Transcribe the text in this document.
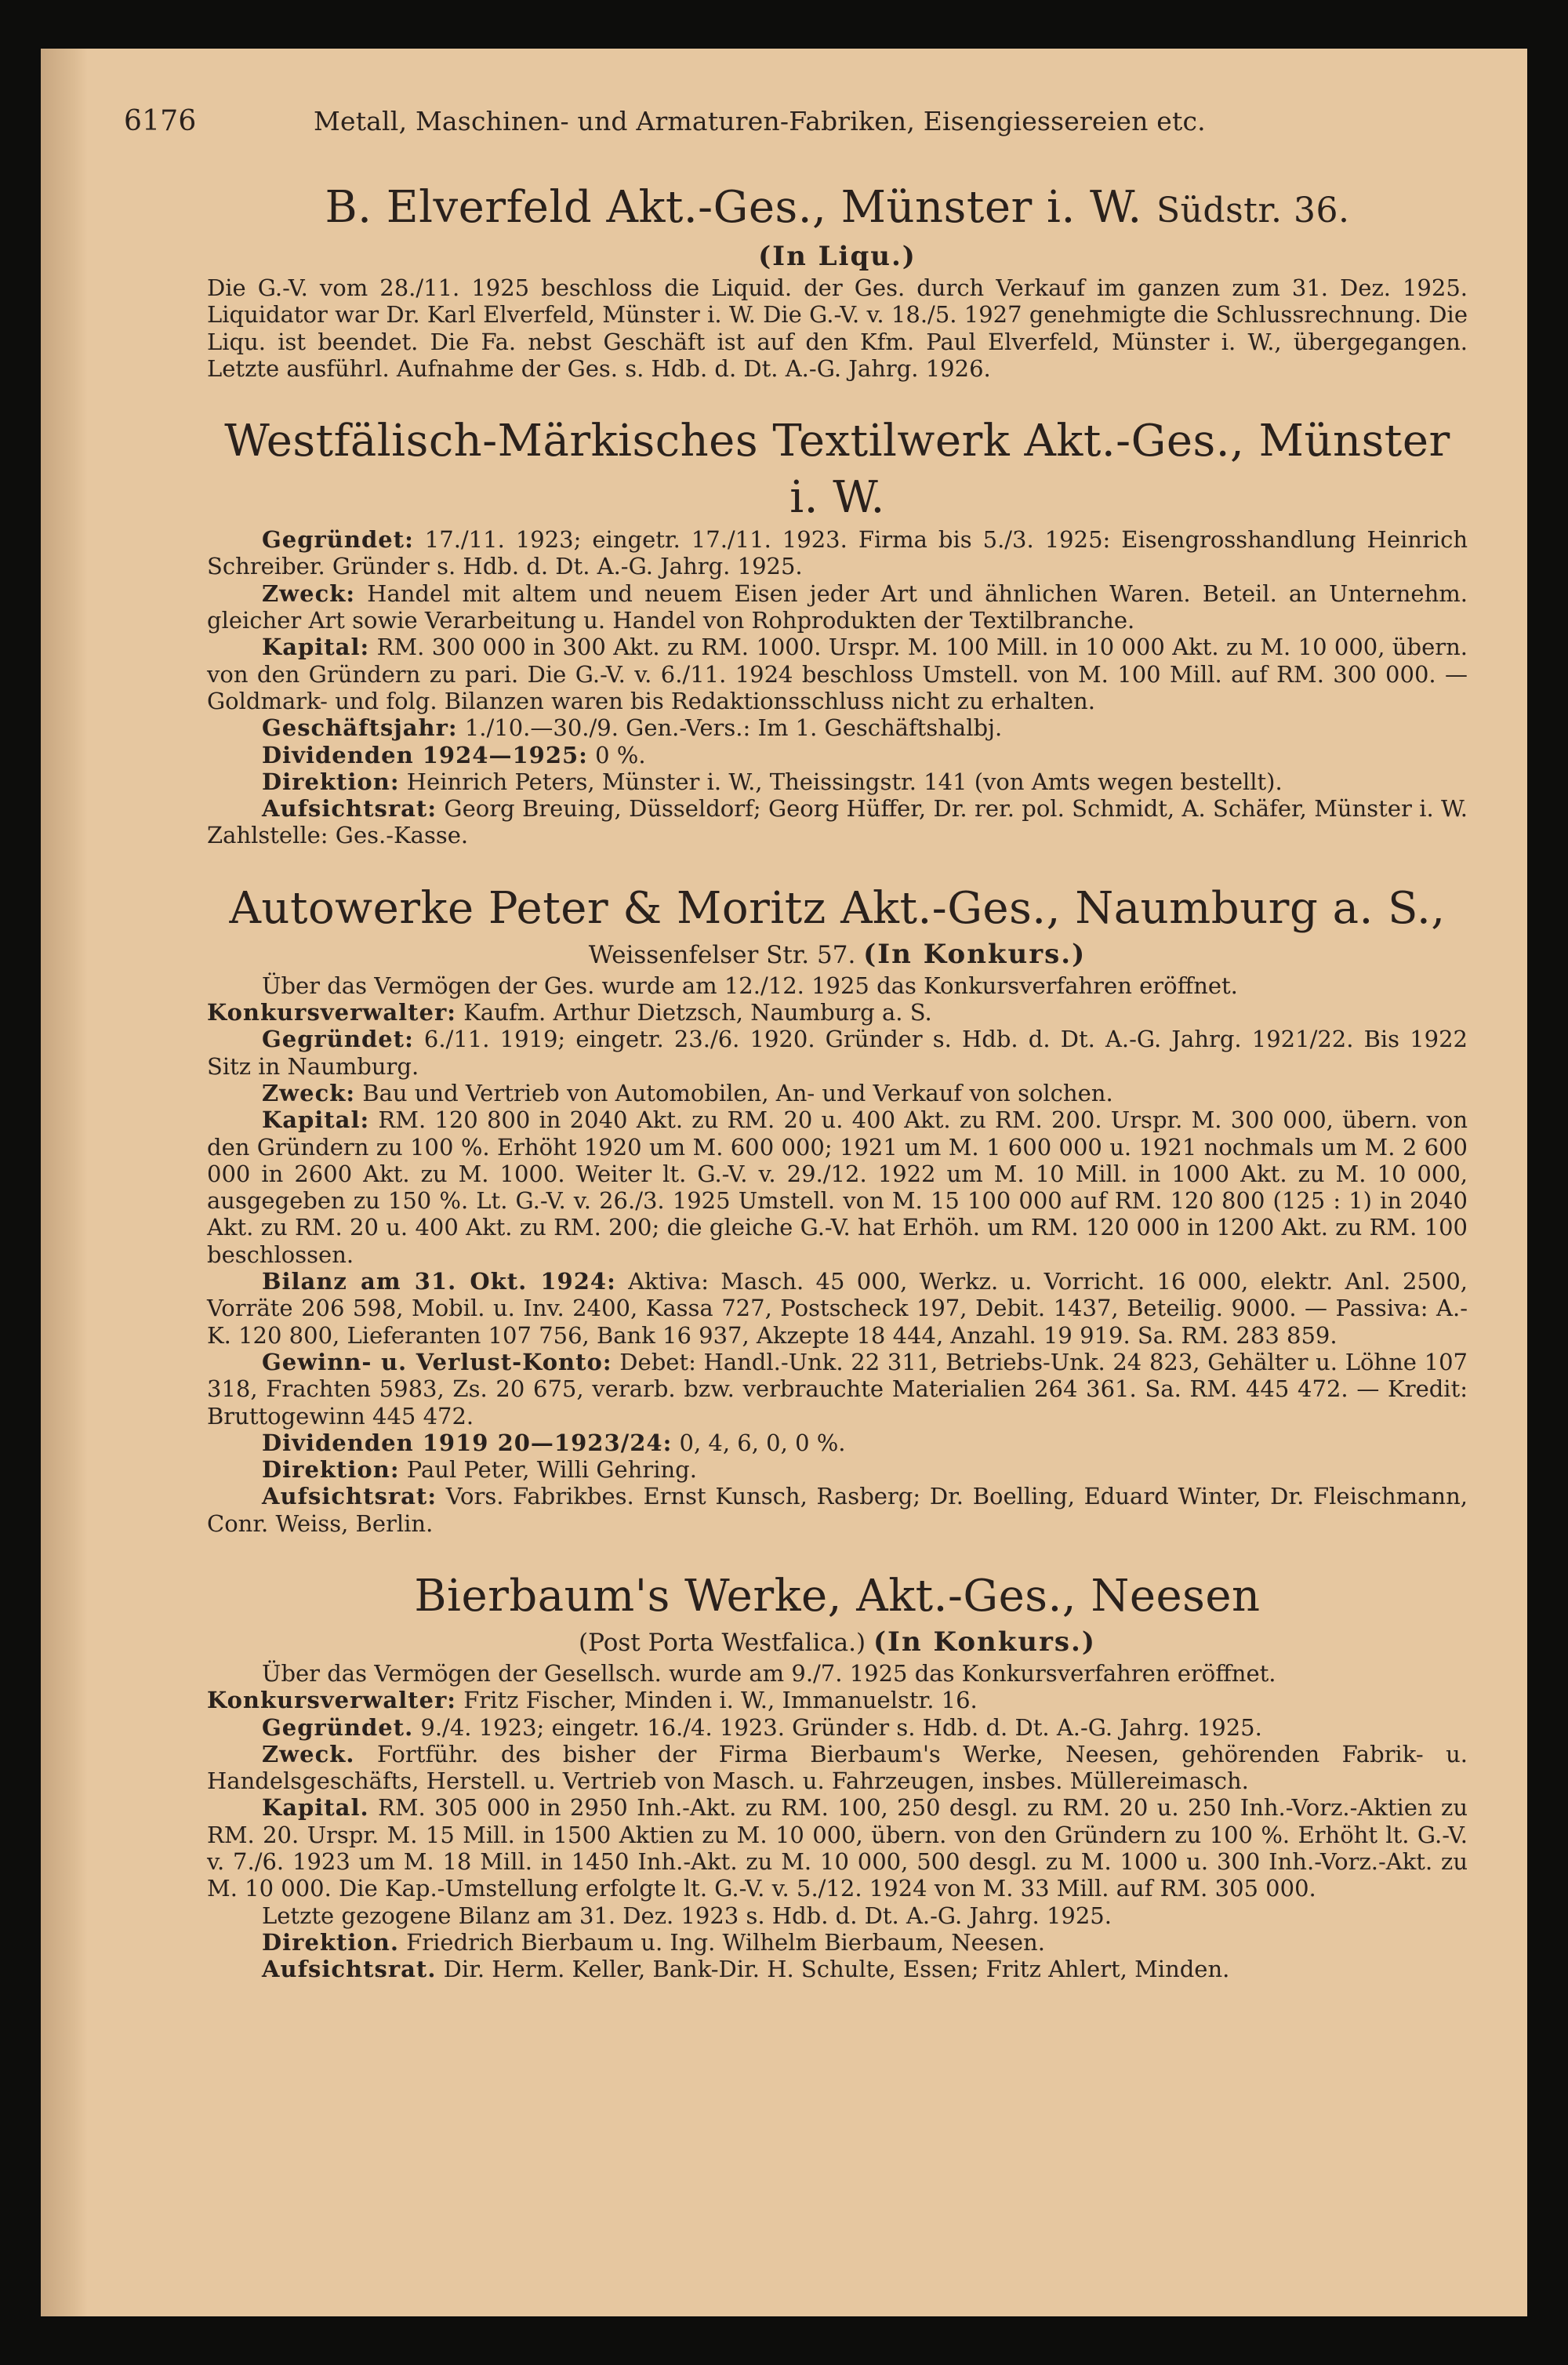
6176	Metall, Maschinen- und Armaturen-Fabriken, Eisengiessereien etc.
B. Elverfeld Akt.-Ges., Münster i. W. Südstr. 36.
(In Liqu.)

Die G.-V. vom 28./11. 1925 beschloss die Liquid. der Ges. durch Verkauf im ganzen zum 31. Dez. 1925. Liquidator war Dr. Karl Elverfeld, Münster i. W. Die G.-V. v. 18./5. 1927 genehmigte die Schlussrechnung. Die Liqu. ist beendet. Die Fa. nebst Geschäft ist auf den Kfm. Paul Elverfeld, Münster i. W., übergegangen. Letzte ausführl. Aufnahme der Ges. s. Hdb. d. Dt. A.-G. Jahrg. 1926.

Westfälisch-Märkisches Textilwerk Akt.-Ges., Münster i. W.

Gegründet: 17./11. 1923; eingetr. 17./11. 1923. Firma bis 5./3. 1925: Eisengrosshandlung Heinrich Schreiber. Gründer s. Hdb. d. Dt. A.-G. Jahrg. 1925.

Zweck: Handel mit altem und neuem Eisen jeder Art und ähnlichen Waren. Beteil. an Unternehm. gleicher Art sowie Verarbeitung u. Handel von Rohprodukten der Textilbranche.

Kapital: RM. 300 000 in 300 Akt. zu RM. 1000. Urspr. M. 100 Mill. in 10 000 Akt. zu M. 10 000, übern. von den Gründern zu pari. Die G.-V. v. 6./11. 1924 beschloss Umstell. von M. 100 Mill. auf RM. 300 000. — Goldmark- und folg. Bilanzen waren bis Redaktionsschluss nicht zu erhalten.

Geschäftsjahr: 1./10.—30./9. Gen.-Vers.: Im 1. Geschäftshalbj.

Dividenden 1924—1925: 0 %.

Direktion: Heinrich Peters, Münster i. W., Theissingstr. 141 (von Amts wegen bestellt).

Aufsichtsrat: Georg Breuing, Düsseldorf; Georg Hüffer, Dr. rer. pol. Schmidt, A. Schäfer, Münster i. W. Zahlstelle: Ges.-Kasse.

Autowerke Peter & Moritz Akt.-Ges., Naumburg a. S.,
Weissenfelser Str. 57. (In Konkurs.)

Über das Vermögen der Ges. wurde am 12./12. 1925 das Konkursverfahren eröffnet.

Konkursverwalter: Kaufm. Arthur Dietzsch, Naumburg a. S.

Gegründet: 6./11. 1919; eingetr. 23./6. 1920. Gründer s. Hdb. d. Dt. A.-G. Jahrg. 1921/22. Bis 1922 Sitz in Naumburg.

Zweck: Bau und Vertrieb von Automobilen, An- und Verkauf von solchen.

Kapital: RM. 120 800 in 2040 Akt. zu RM. 20 u. 400 Akt. zu RM. 200. Urspr. M. 300 000, übern. von den Gründern zu 100 %. Erhöht 1920 um M. 600 000; 1921 um M. 1 600 000 u. 1921 nochmals um M. 2 600 000 in 2600 Akt. zu M. 1000. Weiter lt. G.-V. v. 29./12. 1922 um M. 10 Mill. in 1000 Akt. zu M. 10 000, ausgegeben zu 150 %. Lt. G.-V. v. 26./3. 1925 Umstell. von M. 15 100 000 auf RM. 120 800 (125 : 1) in 2040 Akt. zu RM. 20 u. 400 Akt. zu RM. 200; die gleiche G.-V. hat Erhöh. um RM. 120 000 in 1200 Akt. zu RM. 100 beschlossen.

Bilanz am 31. Okt. 1924: Aktiva: Masch. 45 000, Werkz. u. Vorricht. 16 000, elektr. Anl. 2500, Vorräte 206 598, Mobil. u. Inv. 2400, Kassa 727, Postscheck 197, Debit. 1437, Beteilig. 9000. — Passiva: A.-K. 120 800, Lieferanten 107 756, Bank 16 937, Akzepte 18 444, Anzahl. 19 919. Sa. RM. 283 859.

Gewinn- u. Verlust-Konto: Debet: Handl.-Unk. 22 311, Betriebs-Unk. 24 823, Gehälter u. Löhne 107 318, Frachten 5983, Zs. 20 675, verarb. bzw. verbrauchte Materialien 264 361. Sa. RM. 445 472. — Kredit: Bruttogewinn 445 472.

Dividenden 1919 20—1923/24: 0, 4, 6, 0, 0 %.

Direktion: Paul Peter, Willi Gehring.

Aufsichtsrat: Vors. Fabrikbes. Ernst Kunsch, Rasberg; Dr. Boelling, Eduard Winter, Dr. Fleischmann, Conr. Weiss, Berlin.

Bierbaum's Werke, Akt.-Ges., Neesen
(Post Porta Westfalica.) (In Konkurs.)

Über das Vermögen der Gesellsch. wurde am 9./7. 1925 das Konkursverfahren eröffnet.

Konkursverwalter: Fritz Fischer, Minden i. W., Immanuelstr. 16.

Gegründet. 9./4. 1923; eingetr. 16./4. 1923. Gründer s. Hdb. d. Dt. A.-G. Jahrg. 1925.

Zweck. Fortführ. des bisher der Firma Bierbaum's Werke, Neesen, gehörenden Fabrik- u. Handelsgeschäfts, Herstell. u. Vertrieb von Masch. u. Fahrzeugen, insbes. Müllereimasch.

Kapital. RM. 305 000 in 2950 Inh.-Akt. zu RM. 100, 250 desgl. zu RM. 20 u. 250 Inh.-Vorz.-Aktien zu RM. 20. Urspr. M. 15 Mill. in 1500 Aktien zu M. 10 000, übern. von den Gründern zu 100 %. Erhöht lt. G.-V. v. 7./6. 1923 um M. 18 Mill. in 1450 Inh.-Akt. zu M. 10 000, 500 desgl. zu M. 1000 u. 300 Inh.-Vorz.-Akt. zu M. 10 000. Die Kap.-Umstellung erfolgte lt. G.-V. v. 5./12. 1924 von M. 33 Mill. auf RM. 305 000.

Letzte gezogene Bilanz am 31. Dez. 1923 s. Hdb. d. Dt. A.-G. Jahrg. 1925.

Direktion. Friedrich Bierbaum u. Ing. Wilhelm Bierbaum, Neesen.

Aufsichtsrat. Dir. Herm. Keller, Bank-Dir. H. Schulte, Essen; Fritz Ahlert, Minden.
